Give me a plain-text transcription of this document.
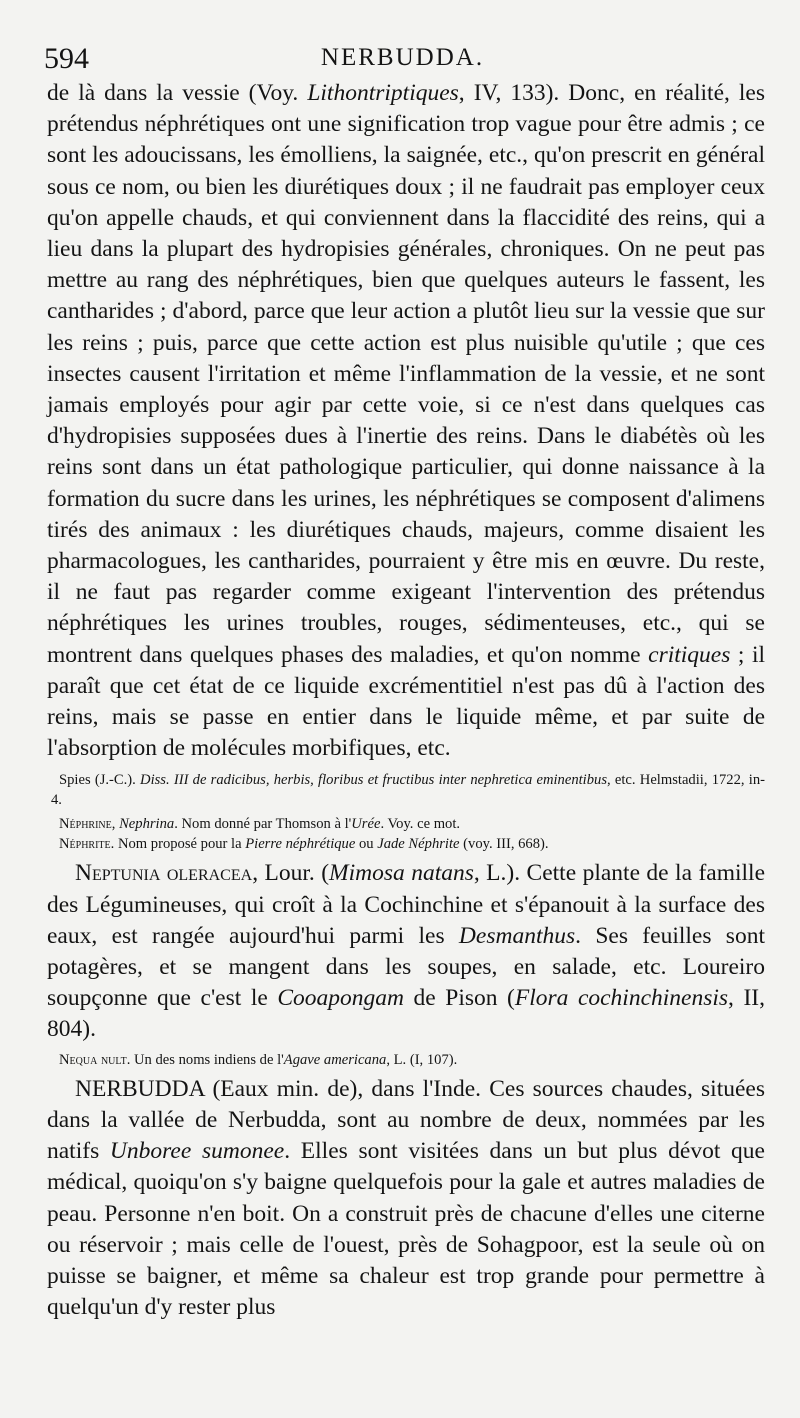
594	NERBUDDA.

de là dans la vessie (Voy. Lithontriptiques, IV, 133). Donc, en réalité, les prétendus néphrétiques ont une signification trop vague pour être admis ; ce sont les adoucissans, les émolliens, la saignée, etc., qu'on prescrit en général sous ce nom, ou bien les diurétiques doux ; il ne faudrait pas employer ceux qu'on appelle chauds, et qui conviennent dans la flaccidité des reins, qui a lieu dans la plupart des hydropisies générales, chroniques. On ne peut pas mettre au rang des néphrétiques, bien que quelques auteurs le fassent, les cantharides ; d'abord, parce que leur action a plutôt lieu sur la vessie que sur les reins ; puis, parce que cette action est plus nuisible qu'utile ; que ces insectes causent l'irritation et même l'inflammation de la vessie, et ne sont jamais employés pour agir par cette voie, si ce n'est dans quelques cas d'hydropisies supposées dues à l'inertie des reins. Dans le diabétès où les reins sont dans un état pathologique particulier, qui donne naissance à la formation du sucre dans les urines, les néphrétiques se composent d'alimens tirés des animaux : les diurétiques chauds, majeurs, comme disaient les pharmacologues, les cantharides, pourraient y être mis en œuvre. Du reste, il ne faut pas regarder comme exigeant l'intervention des prétendus néphrétiques les urines troubles, rouges, sédimenteuses, etc., qui se montrent dans quelques phases des maladies, et qu'on nomme critiques ; il paraît que cet état de ce liquide excrémentitiel n'est pas dû à l'action des reins, mais se passe en entier dans le liquide même, et par suite de l'absorption de molécules morbifiques, etc.

Spies (J.-C.). Diss. III de radicibus, herbis, floribus et fructibus inter nephretica eminentibus, etc. Helmstadii, 1722, in-4.

Néphrine, Nephrina. Nom donné par Thomson à l'Urée. Voy. ce mot.

Néphrite. Nom proposé pour la Pierre néphrétique ou Jade Néphrite (voy. III, 668).

Neptunia oleracea, Lour. (Mimosa natans, L.). Cette plante de la famille des Légumineuses, qui croît à la Cochinchine et s'épanouit à la surface des eaux, est rangée aujourd'hui parmi les Desmanthus. Ses feuilles sont potagères, et se mangent dans les soupes, en salade, etc. Loureiro soupçonne que c'est le Cooapongam de Pison (Flora cochinchinensis, II, 804).

Nequa nult. Un des noms indiens de l'Agave americana, L. (I, 107).

NERBUDDA (Eaux min. de), dans l'Inde. Ces sources chaudes, situées dans la vallée de Nerbudda, sont au nombre de deux, nommées par les natifs Unboree sumonee. Elles sont visitées dans un but plus dévot que médical, quoiqu'on s'y baigne quelquefois pour la gale et autres maladies de peau. Personne n'en boit. On a construit près de chacune d'elles une citerne ou réservoir ; mais celle de l'ouest, près de Sohagpoor, est la seule où on puisse se baigner, et même sa chaleur est trop grande pour permettre à quelqu'un d'y rester plus
